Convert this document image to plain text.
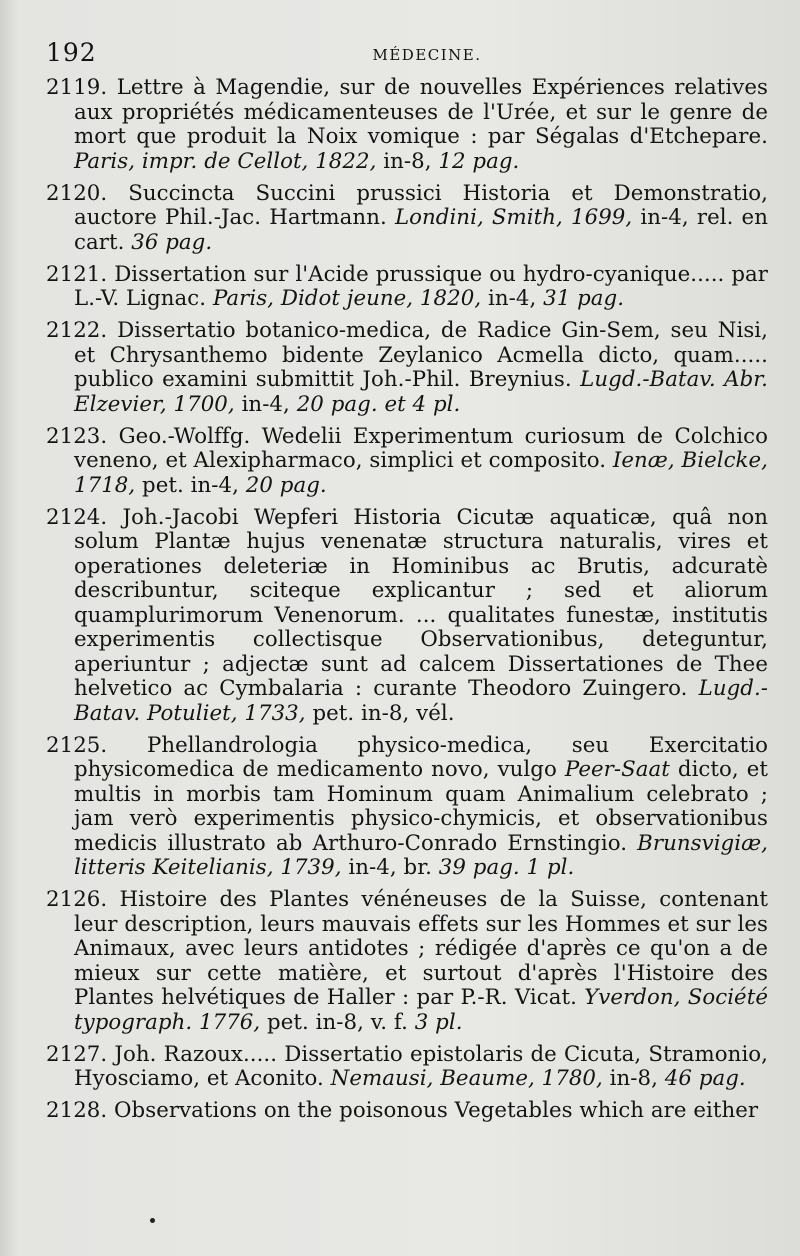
192	MÉDECINE.

2119. Lettre à Magendie, sur de nouvelles Expériences relatives aux propriétés médicamenteuses de l'Urée, et sur le genre de mort que produit la Noix vomique : par Ségalas d'Etchepare. Paris, impr. de Cellot, 1822, in-8, 12 pag.

2120. Succincta Succini prussici Historia et Demonstratio, auctore Phil.-Jac. Hartmann. Londini, Smith, 1699, in-4, rel. en cart. 36 pag.

2121. Dissertation sur l'Acide prussique ou hydro-cyanique..... par L.-V. Lignac. Paris, Didot jeune, 1820, in-4, 31 pag.

2122. Dissertatio botanico-medica, de Radice Gin-Sem, seu Nisi, et Chrysanthemo bidente Zeylanico Acmella dicto, quam..... publico examini submittit Joh.-Phil. Breynius. Lugd.-Batav. Abr. Elzevier, 1700, in-4, 20 pag. et 4 pl.

2123. Geo.-Wolffg. Wedelii Experimentum curiosum de Colchico veneno, et Alexipharmaco, simplici et composito. Ienæ, Bielcke, 1718, pet. in-4, 20 pag.

2124. Joh.-Jacobi Wepferi Historia Cicutæ aquaticæ, quâ non solum Plantæ hujus venenatæ structura naturalis, vires et operationes deleteriæ in Hominibus ac Brutis, adcuratè describuntur, sciteque explicantur ; sed et aliorum quamplurimorum Venenorum. ... qualitates funestæ, institutis experimentis collectisque Observationibus, deteguntur, aperiuntur ; adjectæ sunt ad calcem Dissertationes de Thee helvetico ac Cymbalaria : curante Theodoro Zuingero. Lugd.-Batav. Potuliet, 1733, pet. in-8, vél.

2125. Phellandrologia physico-medica, seu Exercitatio physicomedica de medicamento novo, vulgo Peer-Saat dicto, et multis in morbis tam Hominum quam Animalium celebrato ; jam verò experimentis physico-chymicis, et observationibus medicis illustrato ab Arthuro-Conrado Ernstingio. Brunsvigiæ, litteris Keitelianis, 1739, in-4, br. 39 pag. 1 pl.

2126. Histoire des Plantes vénéneuses de la Suisse, contenant leur description, leurs mauvais effets sur les Hommes et sur les Animaux, avec leurs antidotes ; rédigée d'après ce qu'on a de mieux sur cette matière, et surtout d'après l'Histoire des Plantes helvétiques de Haller : par P.-R. Vicat. Yverdon, Société typograph. 1776, pet. in-8, v. f. 3 pl.

2127. Joh. Razoux..... Dissertatio epistolaris de Cicuta, Stramonio, Hyosciamo, et Aconito. Nemausi, Beaume, 1780, in-8, 46 pag.

2128. Observations on the poisonous Vegetables which are either
